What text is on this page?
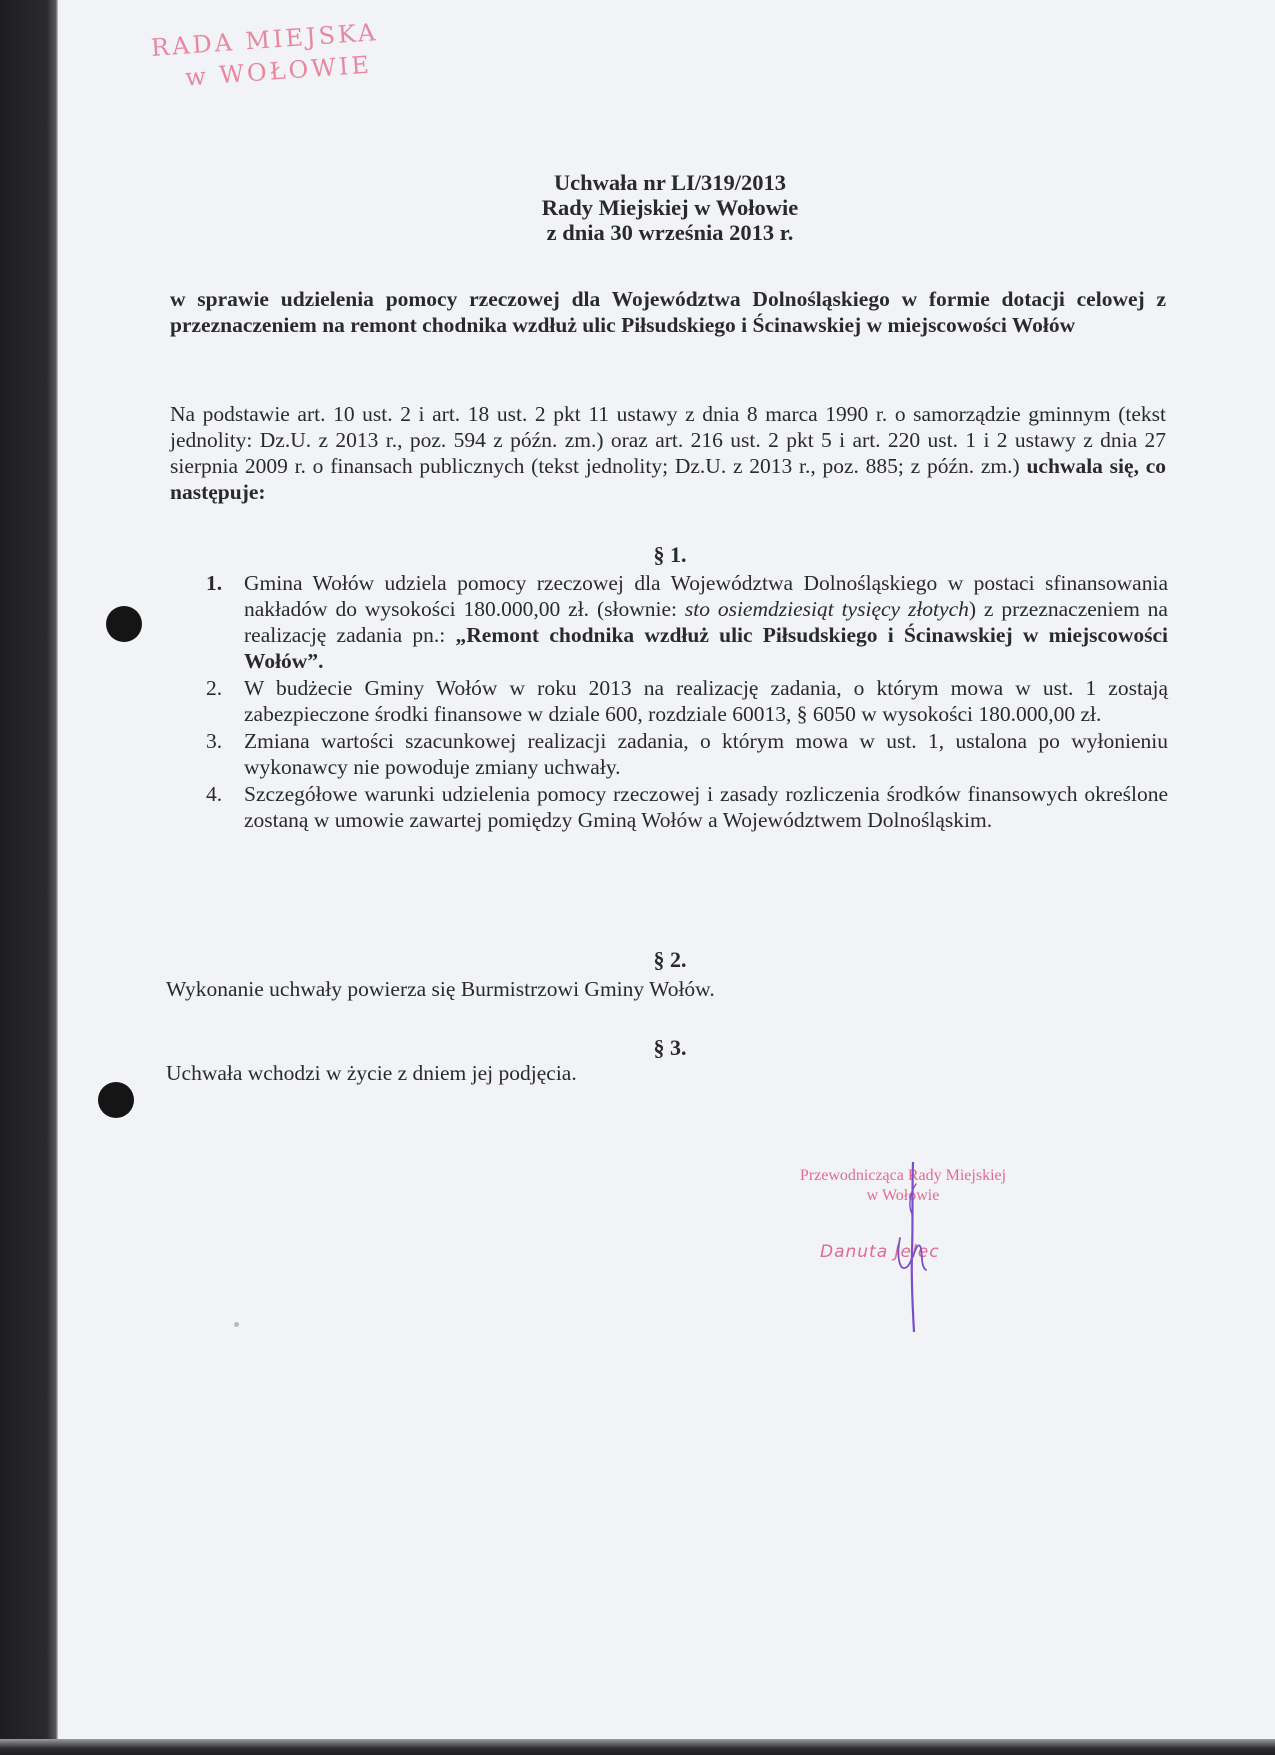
RADA MIEJSKA
w WOŁOWIE
Uchwała nr LI/319/2013
Rady Miejskiej w Wołowie
z dnia 30 września 2013 r.
w sprawie udzielenia pomocy rzeczowej dla Województwa Dolnośląskiego w formie dotacji celowej z przeznaczeniem na remont chodnika wzdłuż ulic Piłsudskiego i Ścinawskiej w miejscowości Wołów
Na podstawie art. 10 ust. 2 i art. 18 ust. 2 pkt 11 ustawy z dnia 8 marca 1990 r. o samorządzie gminnym (tekst jednolity: Dz.U. z 2013 r., poz. 594 z późn. zm.) oraz art. 216 ust. 2 pkt 5 i art. 220 ust. 1 i 2 ustawy z dnia 27 sierpnia 2009 r. o finansach publicznych (tekst jednolity; Dz.U. z 2013 r., poz. 885; z późn. zm.) uchwala się, co następuje:
§ 1.
1. Gmina Wołów udziela pomocy rzeczowej dla Województwa Dolnośląskiego w postaci sfinansowania nakładów do wysokości 180.000,00 zł. (słownie: sto osiemdziesiąt tysięcy złotych) z przeznaczeniem na realizację zadania pn.: „Remont chodnika wzdłuż ulic Piłsudskiego i Ścinawskiej w miejscowości Wołów”.
2. W budżecie Gminy Wołów w roku 2013 na realizację zadania, o którym mowa w ust. 1 zostają zabezpieczone środki finansowe w dziale 600, rozdziale 60013, § 6050 w wysokości 180.000,00 zł.
3. Zmiana wartości szacunkowej realizacji zadania, o którym mowa w ust. 1, ustalona po wyłonieniu wykonawcy nie powoduje zmiany uchwały.
4. Szczegółowe warunki udzielenia pomocy rzeczowej i zasady rozliczenia środków finansowych określone zostaną w umowie zawartej pomiędzy Gminą Wołów a Województwem Dolnośląskim.
§ 2.
Wykonanie uchwały powierza się Burmistrzowi Gminy Wołów.
§ 3.
Uchwała wchodzi w życie z dniem jej podjęcia.
Przewodnicząca Rady Miejskiej
w Wołowie
Danuta Jelec
